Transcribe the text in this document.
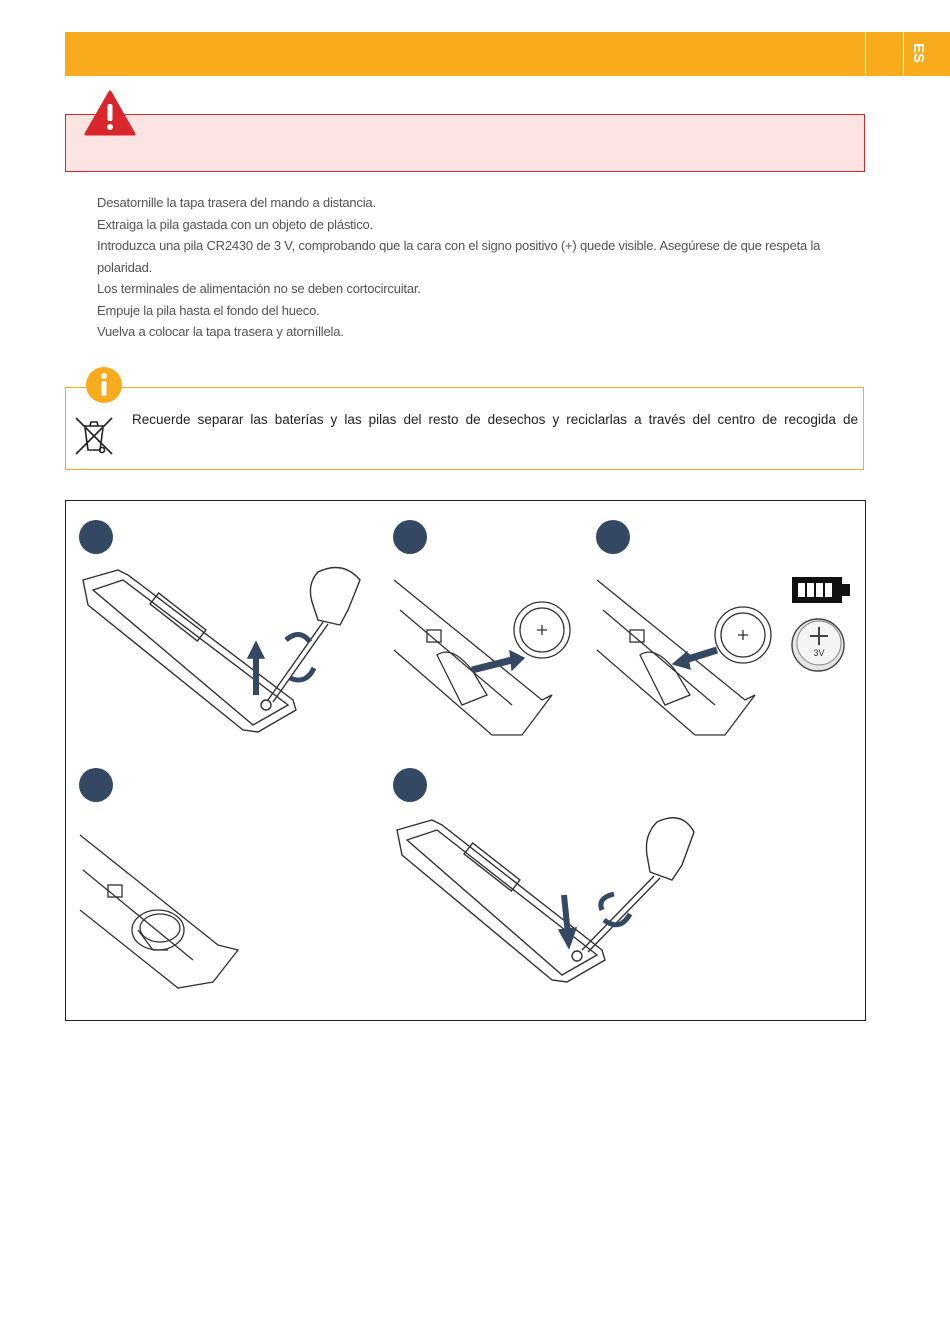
ES
Desatornille la tapa trasera del mando a distancia.
Extraiga la pila gastada con un objeto de plástico.
Introduzca una pila CR2430 de 3 V, comprobando que la cara con el signo positivo (+) quede visible. Asegúrese de que respeta la polaridad.
Los terminales de alimentación no se deben cortocircuitar.
Empuje la pila hasta el fondo del hueco.
Vuelva a colocar la tapa trasera y atorníllela.
Recuerde separar las baterías y las pilas del resto de desechos y reciclarlas a través del centro de recogida de
3V
